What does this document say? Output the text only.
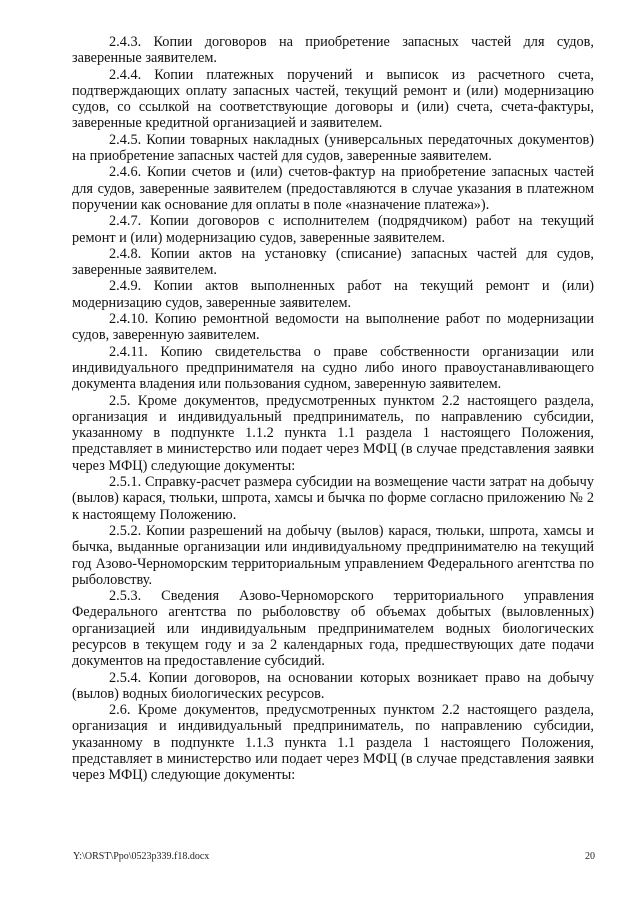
2.4.3. Копии договоров на приобретение запасных частей для судов, заверенные заявителем.

2.4.4. Копии платежных поручений и выписок из расчетного счета, подтверждающих оплату запасных частей, текущий ремонт и (или) модернизацию судов, со ссылкой на соответствующие договоры и (или) счета, счета-фактуры, заверенные кредитной организацией и заявителем.

2.4.5. Копии товарных накладных (универсальных передаточных документов) на приобретение запасных частей для судов, заверенные заявителем.

2.4.6. Копии счетов и (или) счетов-фактур на приобретение запасных частей для судов, заверенные заявителем (предоставляются в случае указания в платежном поручении как основание для оплаты в поле «назначение платежа»).

2.4.7. Копии договоров с исполнителем (подрядчиком) работ на текущий ремонт и (или) модернизацию судов, заверенные заявителем.

2.4.8. Копии актов на установку (списание) запасных частей для судов, заверенные заявителем.

2.4.9. Копии актов выполненных работ на текущий ремонт и (или) модернизацию судов, заверенные заявителем.

2.4.10. Копию ремонтной ведомости на выполнение работ по модернизации судов, заверенную заявителем.

2.4.11. Копию свидетельства о праве собственности организации или индивидуального предпринимателя на судно либо иного правоустанавливающего документа владения или пользования судном, заверенную заявителем.

2.5. Кроме документов, предусмотренных пунктом 2.2 настоящего раздела, организация и индивидуальный предприниматель, по направлению субсидии, указанному в подпункте 1.1.2 пункта 1.1 раздела 1 настоящего Положения, представляет в министерство или подает через МФЦ (в случае представления заявки через МФЦ) следующие документы:

2.5.1. Справку-расчет размера субсидии на возмещение части затрат на добычу (вылов) карася, тюльки, шпрота, хамсы и бычка по форме согласно приложению № 2 к настоящему Положению.

2.5.2. Копии разрешений на добычу (вылов) карася, тюльки, шпрота, хамсы и бычка, выданные организации или индивидуальному предпринимателю на текущий год Азово-Черноморским территориальным управлением Федерального агентства по рыболовству.

2.5.3. Сведения Азово-Черноморского территориального управления Федерального агентства по рыболовству об объемах добытых (выловленных) организацией или индивидуальным предпринимателем водных биологических ресурсов в текущем году и за 2 календарных года, предшествующих дате подачи документов на предоставление субсидий.

2.5.4. Копии договоров, на основании которых возникает право на добычу (вылов) водных биологических ресурсов.

2.6. Кроме документов, предусмотренных пунктом 2.2 настоящего раздела, организация и индивидуальный предприниматель, по направлению субсидии, указанному в подпункте 1.1.3 пункта 1.1 раздела 1 настоящего Положения, представляет в министерство или подает через МФЦ (в случае представления заявки через МФЦ) следующие документы:

Y:\ORST\Ppo\0523p339.f18.docx	20
